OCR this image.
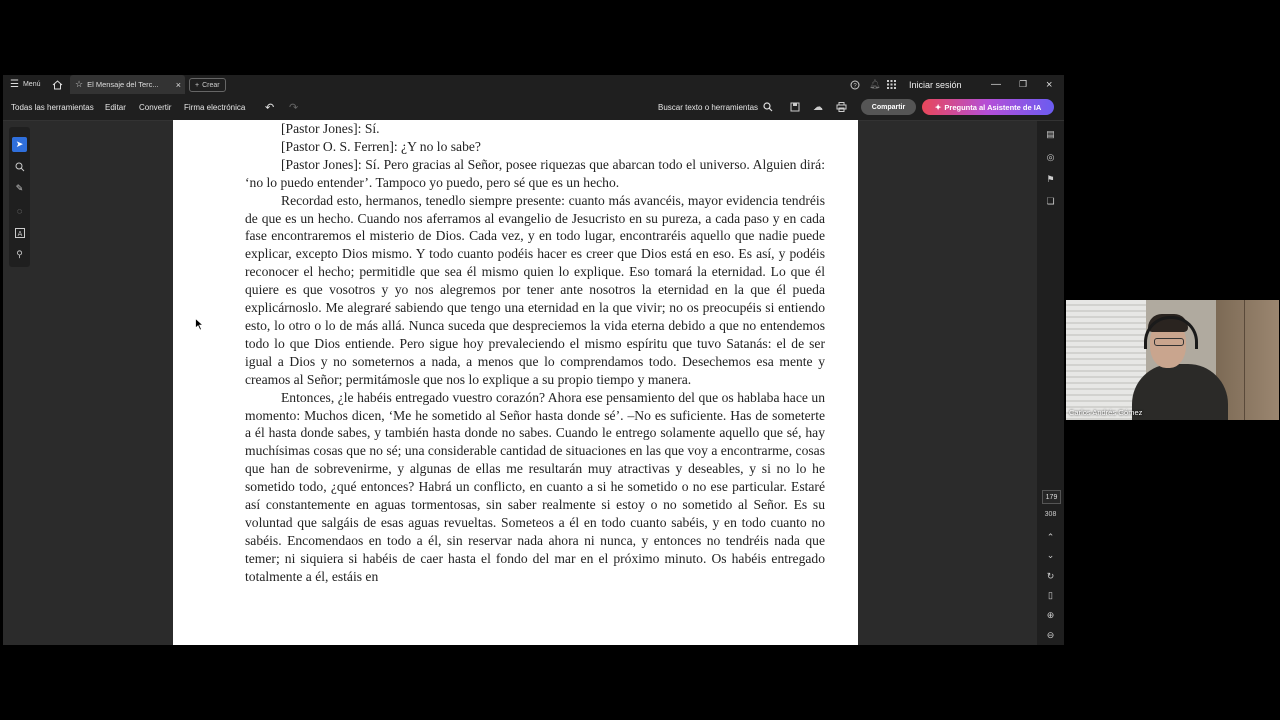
☰ Menú	☆ El Mensaje del Terc... × + Crear	? 🔔︎	Iniciar sesión	— ❐ ×
Todas las herramientas Editar Convertir Firma electrónica ↶ ↷	Buscar texto o herramientas	☁	Compartir	✦ Pregunta al Asistente de IA
➤
✎
◌
A
⚲

[Pastor Jones]: Sí.

[Pastor O. S. Ferren]: ¿Y no lo sabe?

[Pastor Jones]: Sí. Pero gracias al Señor, posee riquezas que abarcan todo el universo. Alguien dirá: ‘no lo puedo entender’. Tampoco yo puedo, pero sé que es un hecho.

Recordad esto, hermanos, tenedlo siempre presente: cuanto más avancéis, mayor evidencia tendréis de que es un hecho. Cuando nos aferramos al evangelio de Jesucristo en su pureza, a cada paso y en cada fase encontraremos el misterio de Dios. Cada vez, y en todo lugar, encontraréis aquello que nadie puede explicar, excepto Dios mismo. Y todo cuanto podéis hacer es creer que Dios está en eso. Es así, y podéis reconocer el hecho; permitidle que sea él mismo quien lo explique. Eso tomará la eternidad. Lo que él quiere es que vosotros y yo nos alegremos por tener ante nosotros la eternidad en la que él pueda explicárnoslo. Me alegraré sabiendo que tengo una eternidad en la que vivir; no os preocupéis si entiendo esto, lo otro o lo de más allá. Nunca suceda que despreciemos la vida eterna debido a que no entendemos todo lo que Dios entiende. Pero sigue hoy prevaleciendo el mismo espíritu que tuvo Satanás: el de ser igual a Dios y no someternos a nada, a menos que lo comprendamos todo. Desechemos esa mente y creamos al Señor; permitámosle que nos lo explique a su propio tiempo y manera.

Entonces, ¿le habéis entregado vuestro corazón? Ahora ese pensamiento del que os hablaba hace un momento: Muchos dicen, ‘Me he sometido al Señor hasta donde sé’. –No es suficiente. Has de someterte a él hasta donde sabes, y también hasta donde no sabes. Cuando le entrego solamente aquello que sé, hay muchísimas cosas que no sé; una considerable cantidad de situaciones en las que voy a encontrarme, cosas que han de sobrevenirme, y algunas de ellas me resultarán muy atractivas y deseables, y si no lo he sometido todo, ¿qué entonces? Habrá un conflicto, en cuanto a si he sometido o no ese particular. Estaré así constantemente en aguas tormentosas, sin saber realmente si estoy o no sometido al Señor. Es su voluntad que salgáis de esas aguas revueltas. Someteos a él en todo cuanto sabéis, y en todo cuanto no sabéis. Encomendaos en todo a él, sin reservar nada ahora ni nunca, y entonces no tendréis nada que temer; ni siquiera si habéis de caer hasta el fondo del mar en el próximo minuto. Os habéis entregado totalmente a él, estáis en

▤
◎
⚑
❏
179
308
⌃
⌄
↻
▯
⊕
⊖
Carlos Andrés Gómez
